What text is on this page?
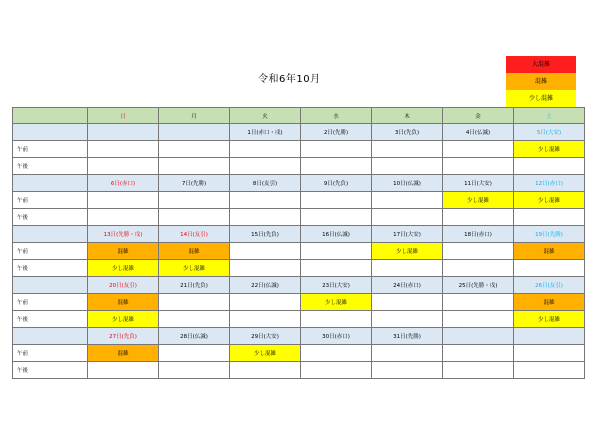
令和6年10月
大混雑
混雑
少し混雑
	日	月	火	水	木	金	土
			1日(赤口・戌)	2日(先勝)	3日(先負)	4日(仏滅)	5日(大安)
午前							少し混雑
午後							
	6日(赤口)	7日(先勝)	8日(友引)	9日(先負)	10日(仏滅)	11日(大安)	12日(赤口)
午前						少し混雑	少し混雑
午後							
	13日(先勝・戌)	14日(友引)	15日(先負)	16日(仏滅)	17日(大安)	18日(赤口)	19日(先勝)
午前	混雑	混雑			少し混雑		混雑
午後	少し混雑	少し混雑					
	20日(友引)	21日(先負)	22日(仏滅)	23日(大安)	24日(赤口)	25日(先勝・戌)	26日(友引)
午前	混雑			少し混雑			混雑
午後	少し混雑						少し混雑
	27日(先負)	28日(仏滅)	29日(大安)	30日(赤口)	31日(先勝)		
午前	混雑		少し混雑				
午後							
